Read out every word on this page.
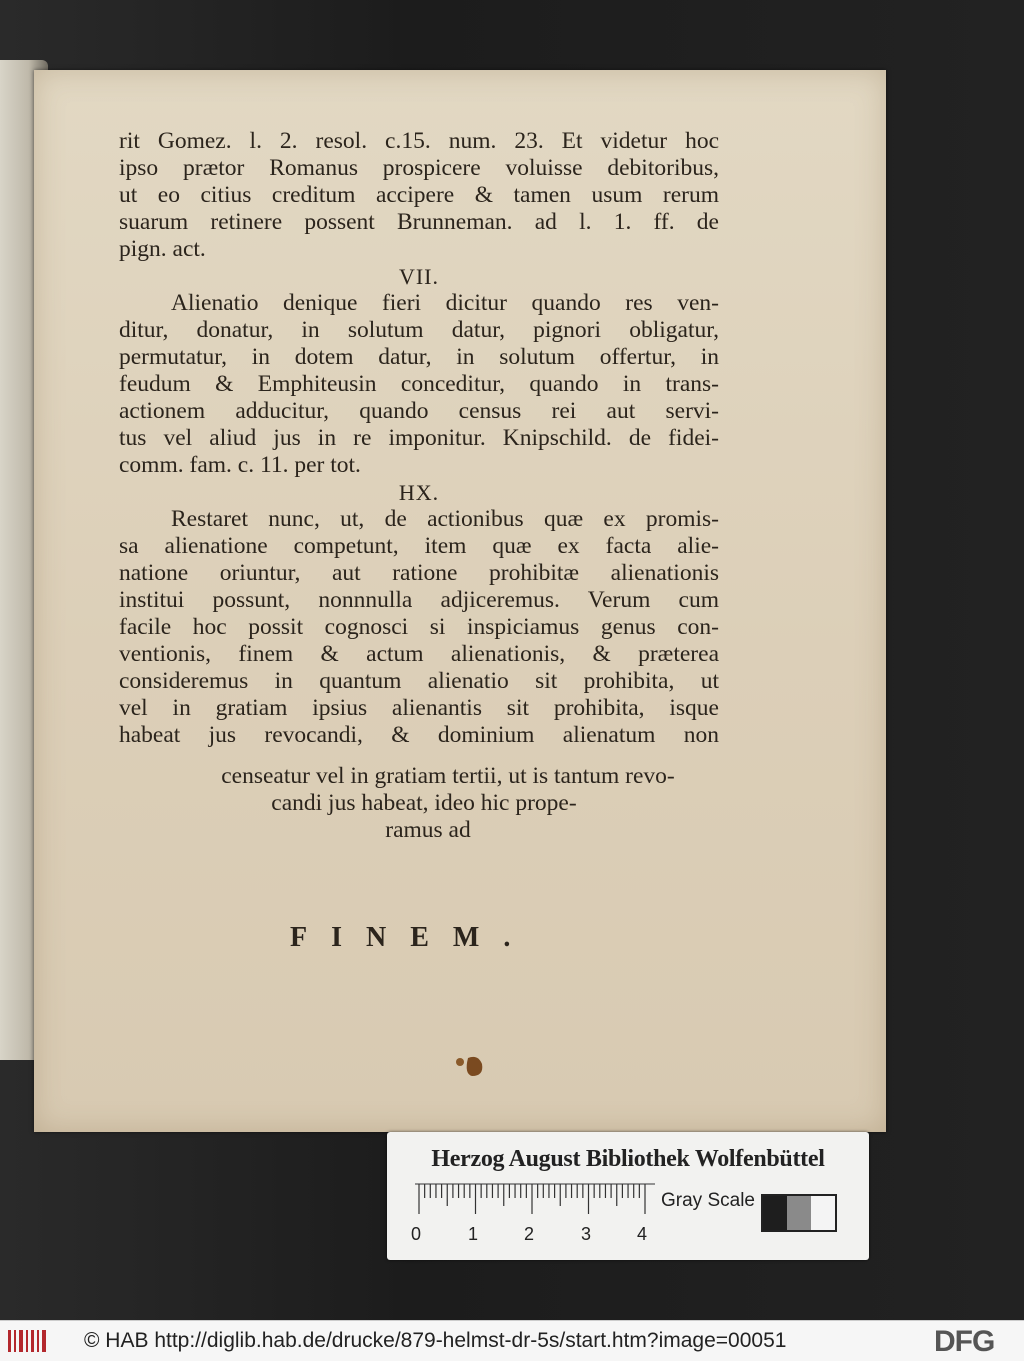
rit Gomez. l. 2. resol. c.15. num. 23. Et videtur hoc
ipso prætor Romanus prospicere voluisse debitoribus,
ut eo citius creditum accipere & tamen usum rerum
suarum retinere possent Brunneman. ad l. 1. ff. de
pign. act.
VII.
Alienatio denique fieri dicitur quando res ven-
ditur, donatur, in solutum datur, pignori obligatur,
permutatur, in dotem datur, in solutum offertur, in
feudum & Emphiteusin conceditur, quando in trans-
actionem adducitur, quando census rei aut servi-
tus vel aliud jus in re imponitur. Knipschild. de fidei-
comm. fam. c. 11. per tot.
HX.
Restaret nunc, ut, de actionibus quæ ex promis-
sa alienatione competunt, item quæ ex facta alie-
natione oriuntur, aut ratione prohibitæ alienationis
institui possunt, nonnnulla adjiceremus. Verum cum
facile hoc possit cognosci si inspiciamus genus con-
ventionis, finem & actum alienationis, & præterea
consideremus in quantum alienatio sit prohibita, ut
vel in gratiam ipsius alienantis sit prohibita, isque
habeat jus revocandi, & dominium alienatum non
censeatur vel in gratiam tertii, ut is tantum revo-
candi jus habeat, ideo hic prope-
ramus ad
FINEM.
Herzog August Bibliothek Wolfenbüttel
0	1	2	3	4
Gray Scale
© HAB http://diglib.hab.de/drucke/879-helmst-dr-5s/start.htm?image=00051	DFG
